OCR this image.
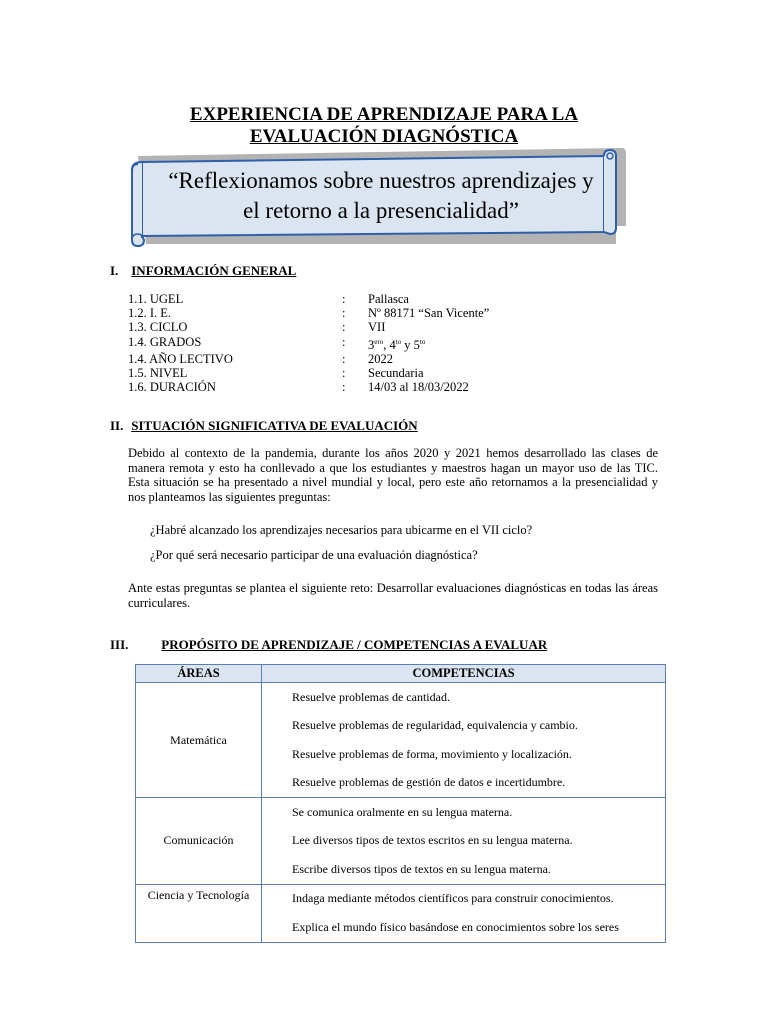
EXPERIENCIA DE APRENDIZAJE PARA LA
EVALUACIÓN DIAGNÓSTICA
“Reflexionamos sobre nuestros aprendizajes y
el retorno a la presencialidad”
I. INFORMACIÓN GENERAL
1.1. UGEL	:	Pallasca
1.2. I. E.	:	Nº 88171 “San Vicente”
1.3. CICLO	:	VII
1.4. GRADOS	:	$3^{ero}$, $4^{to}$ y $5^{to}$
1.4. AÑO LECTIVO	:	2022
1.5. NIVEL	:	Secundaria
1.6. DURACIÓN	:	14/03 al 18/03/2022
II. SITUACIÓN SIGNIFICATIVA DE EVALUACIÓN
Debido al contexto de la pandemia, durante los años 2020 y 2021 hemos desarrollado las clases de manera remota y esto ha conllevado a que los estudiantes y maestros hagan un mayor uso de las TIC. Esta situación se ha presentado a nivel mundial y local, pero este año retornamos a la presencialidad y nos planteamos las siguientes preguntas:
¿Habré alcanzado los aprendizajes necesarios para ubicarme en el VII ciclo?
¿Por qué será necesario participar de una evaluación diagnóstica?
Ante estas preguntas se plantea el siguiente reto: Desarrollar evaluaciones diagnósticas en todas las áreas curriculares.
III.	PROPÓSITO DE APRENDIZAJE / COMPETENCIAS A EVALUAR
ÁREAS	COMPETENCIAS
Matemática	Resuelve problemas de cantidad.
Resuelve problemas de regularidad, equivalencia y cambio.
Resuelve problemas de forma, movimiento y localización.
Resuelve problemas de gestión de datos e incertidumbre.

Comunicación	Se comunica oralmente en su lengua materna.
Lee diversos tipos de textos escritos en su lengua materna.
Escribe diversos tipos de textos en su lengua materna.

Ciencia y Tecnología	Indaga mediante métodos científicos para construir conocimientos.
Explica el mundo físico basándose en conocimientos sobre los seres
